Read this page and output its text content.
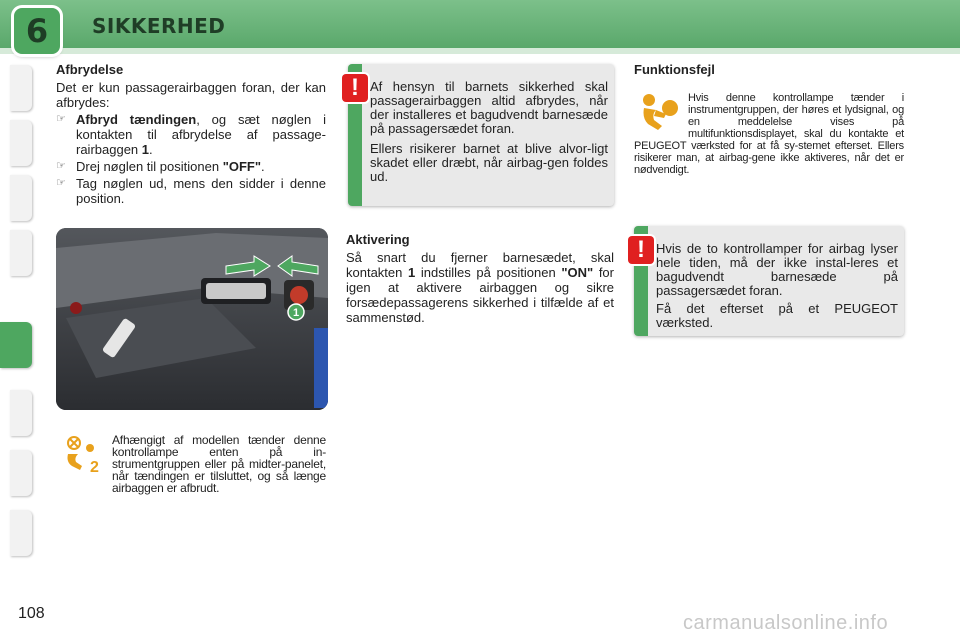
6 SIKKERHED

Afbrydelse

Det er kun passagerairbaggen foran, der kan afbrydes:

☞ Afbryd tændingen, og sæt nøglen i kontakten til afbrydelse af passage-rairbaggen 1.
☞ Drej nøglen til positionen "OFF".
☞ Tag nøglen ud, mens den sidder i denne position.
! Af hensyn til barnets sikkerhed skal passagerairbaggen altid afbrydes, når der installeres et bagudvendt barnesæde på passagersædet foran.

Ellers risikerer barnet at blive alvor-ligt skadet eller dræbt, når airbag-gen foldes ud.

Aktivering

Så snart du fjerner barnesædet, skal kontakten 1 indstilles på positionen "ON" for igen at aktivere airbaggen og sikre forsædepassagerens sikkerhed i tilfælde af et sammenstød.

Funktionsfejl

Hvis denne kontrollampe tænder i instrumentgruppen, der høres et lydsignal, og en meddelelse vises på multifunktionsdisplayet, skal du kontakte et PEUGEOT værksted for at få sy-stemet efterset. Ellers risikerer man, at airbag-gene ikke aktiveres, når det er nødvendigt.

! Hvis de to kontrollamper for airbag lyser hele tiden, må der ikke instal-leres et bagudvendt barnesæde på passagersædet foran.

Få det efterset på et PEUGEOT værksted.

1
2
Afhængigt af modellen tænder denne kontrollampe enten på in-strumentgruppen eller på midter-panelet, når tændingen er tilsluttet, og så længe airbaggen er afbrudt.
108	carmanualsonline.info
